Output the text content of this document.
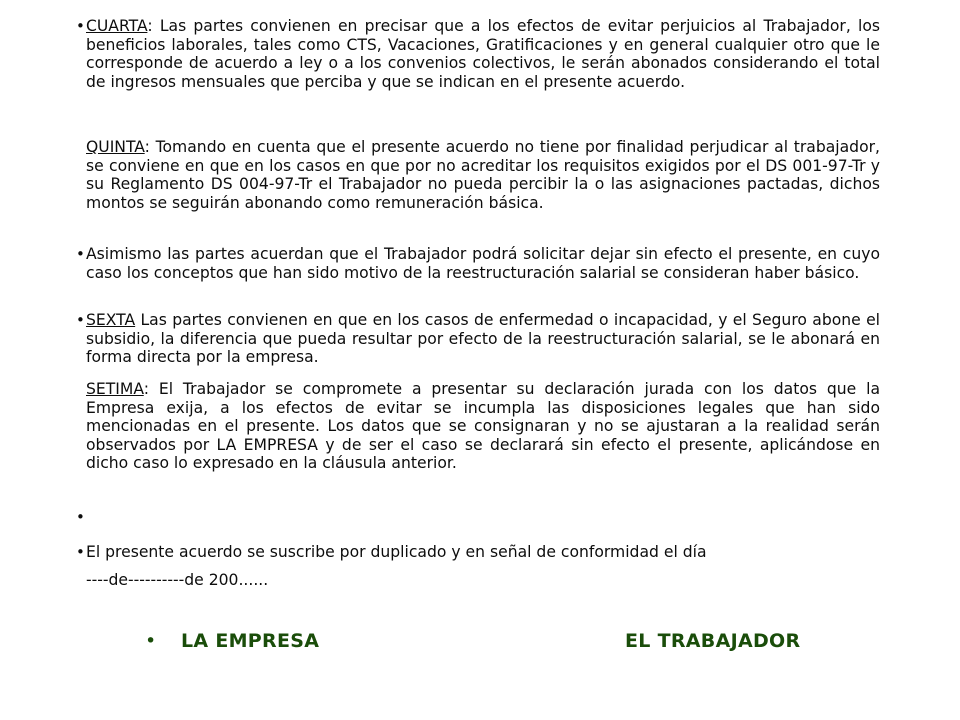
•
CUARTA: Las partes convienen en precisar que a los efectos de evitar perjuicios al Trabajador, los beneficios laborales, tales como CTS, Vacaciones, Gratificaciones y en general cualquier otro que le corresponde de acuerdo a ley o a los convenios colectivos, le serán abonados considerando el total de ingresos mensuales que perciba y que se indican en el presente acuerdo.
QUINTA: Tomando en cuenta que el presente acuerdo no tiene por finalidad perjudicar al trabajador, se conviene en que en los casos en que por no acreditar los requisitos exigidos por el DS 001-97-Tr y su Reglamento DS 004-97-Tr el Trabajador no pueda percibir la o las asignaciones pactadas, dichos montos se seguirán abonando como remuneración básica.
•
Asimismo las partes acuerdan que el Trabajador podrá solicitar dejar sin efecto el presente, en cuyo caso los conceptos que han sido motivo de la reestructuración salarial se consideran haber básico.
•
SEXTA Las partes convienen en que en los casos de enfermedad o incapacidad, y el Seguro abone el subsidio, la diferencia que pueda resultar por efecto de la reestructuración salarial, se le abonará en forma directa por la empresa.
SETIMA: El Trabajador se compromete a presentar su declaración jurada con los datos que la Empresa exija, a los efectos de evitar se incumpla las disposiciones legales que han sido mencionadas en el presente. Los datos que se consignaran y no se ajustaran a la realidad serán observados por LA EMPRESA y de ser el caso se declarará sin efecto el presente, aplicándose en dicho caso lo expresado en la cláusula anterior.
•
•
El presente acuerdo se suscribe por duplicado y en señal de conformidad el día
----de----------de 200......
•
LA EMPRESA	EL TRABAJADOR
